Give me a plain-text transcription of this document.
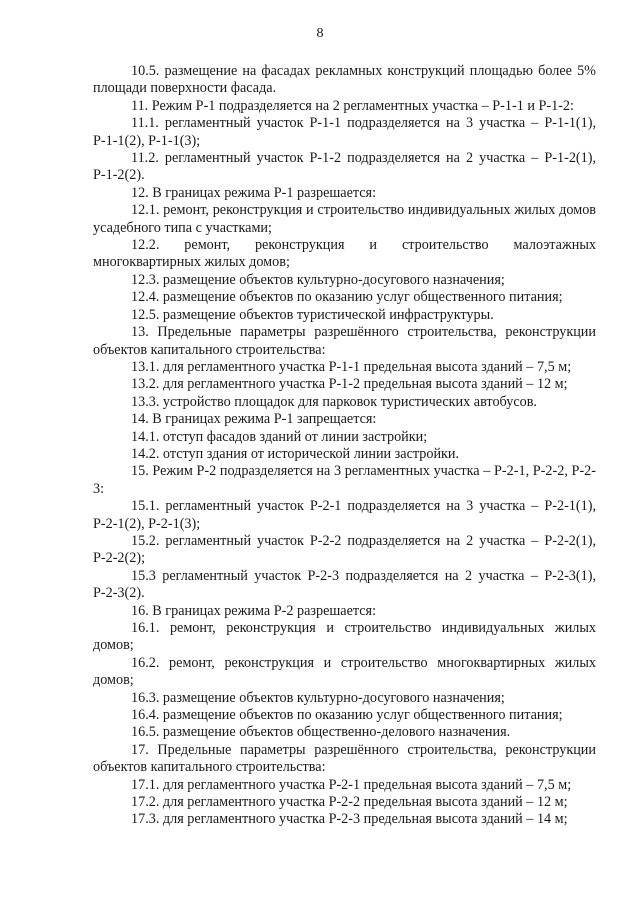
8

10.5. размещение на фасадах рекламных конструкций площадью более 5% площади поверхности фасада.

11. Режим Р-1 подразделяется на 2 регламентных участка – Р-1-1 и Р-1-2:

11.1. регламентный участок Р-1-1 подразделяется на 3 участка – Р-1-1(1), Р-1-1(2), Р-1-1(3);

11.2. регламентный участок Р-1-2 подразделяется на 2 участка – Р-1-2(1), Р-1-2(2).

12. В границах режима Р-1 разрешается:

12.1. ремонт, реконструкция и строительство индивидуальных жилых домов усадебного типа с участками;

12.2. ремонт, реконструкция и строительство малоэтажных многоквартирных жилых домов;

12.3. размещение объектов культурно-досугового назначения;

12.4. размещение объектов по оказанию услуг общественного питания;

12.5. размещение объектов туристической инфраструктуры.

13. Предельные параметры разрешённого строительства, реконструкции объектов капитального строительства:

13.1. для регламентного участка Р-1-1 предельная высота зданий – 7,5 м;

13.2. для регламентного участка Р-1-2 предельная высота зданий – 12 м;

13.3. устройство площадок для парковок туристических автобусов.

14. В границах режима Р-1 запрещается:

14.1. отступ фасадов зданий от линии застройки;

14.2. отступ здания от исторической линии застройки.

15. Режим Р-2 подразделяется на 3 регламентных участка – Р-2-1, Р-2-2, Р-2-3:

15.1. регламентный участок Р-2-1 подразделяется на 3 участка – Р-2-1(1), Р-2-1(2), Р-2-1(3);

15.2. регламентный участок Р-2-2 подразделяется на 2 участка – Р-2-2(1), Р-2-2(2);

15.3 регламентный участок Р-2-3 подразделяется на 2 участка – Р-2-3(1), Р-2-3(2).

16. В границах режима Р-2 разрешается:

16.1. ремонт, реконструкция и строительство индивидуальных жилых домов;

16.2. ремонт, реконструкция и строительство многоквартирных жилых домов;

16.3. размещение объектов культурно-досугового назначения;

16.4. размещение объектов по оказанию услуг общественного питания;

16.5. размещение объектов общественно-делового назначения.

17. Предельные параметры разрешённого строительства, реконструкции объектов капитального строительства:

17.1. для регламентного участка Р-2-1 предельная высота зданий – 7,5 м;

17.2. для регламентного участка Р-2-2 предельная высота зданий – 12 м;

17.3. для регламентного участка Р-2-3 предельная высота зданий – 14 м;
